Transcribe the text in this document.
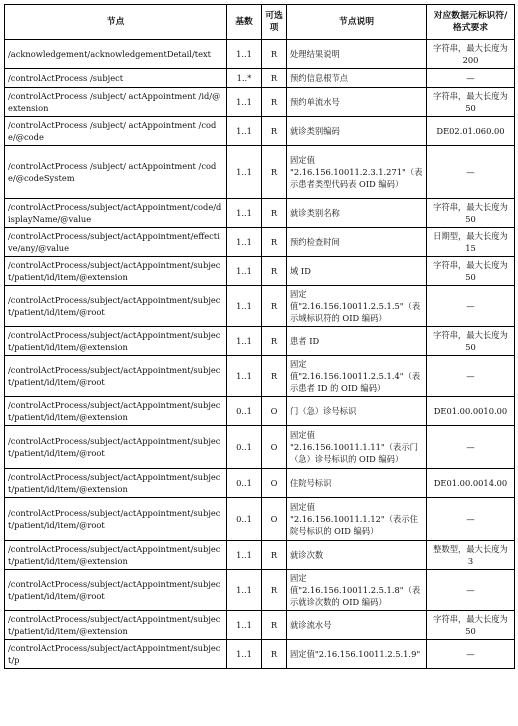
节点	基数	可选项	节点说明	对应数据元标识符/格式要求
/acknowledgement/acknowledgementDetail/text	1..1	R	处理结果说明	字符串，最大长度为 200
/controlActProcess /subject	1..*	R	预约信息根节点	—
/controlActProcess /subject/ actAppointment /id/@extension	1..1	R	预约单流水号	字符串，最大长度为 50
/controlActProcess /subject/ actAppointment /code/@code	1..1	R	就诊类别编码	DE02.01.060.00
/controlActProcess /subject/ actAppointment /code/@codeSystem	1..1	R	固定值 "2.16.156.10011.2.3.1.271"（表示患者类型代码表 OID 编码）	—
/controlActProcess/subject/actAppointment/code/displayName/@value	1..1	R	就诊类别名称	字符串，最大长度为 50
/controlActProcess/subject/actAppointment/effective/any/@value	1..1	R	预约检查时间	日期型，最大长度为 15
/controlActProcess/subject/actAppointment/subject/patient/id/item/@extension	1..1	R	域 ID	字符串，最大长度为 50
/controlActProcess/subject/actAppointment/subject/patient/id/item/@root	1..1	R	固定值"2.16.156.10011.2.5.1.5"（表示域标识符的 OID 编码）	—
/controlActProcess/subject/actAppointment/subject/patient/id/item/@extension	1..1	R	患者 ID	字符串，最大长度为 50
/controlActProcess/subject/actAppointment/subject/patient/id/item/@root	1..1	R	固定值"2.16.156.10011.2.5.1.4"（表示患者 ID 的 OID 编码）	—
/controlActProcess/subject/actAppointment/subject/patient/id/item/@extension	0..1	O	门（急）诊号标识	DE01.00.0010.00
/controlActProcess/subject/actAppointment/subject/patient/id/item/@root	0..1	O	固定值 "2.16.156.10011.1.11"（表示门（急）诊号标识的 OID 编码）	—
/controlActProcess/subject/actAppointment/subject/patient/id/item/@extension	0..1	O	住院号标识	DE01.00.0014.00
/controlActProcess/subject/actAppointment/subject/patient/id/item/@root	0..1	O	固定值 "2.16.156.10011.1.12"（表示住院号标识的 OID 编码）	—
/controlActProcess/subject/actAppointment/subject/patient/id/item/@extension	1..1	R	就诊次数	整数型，最大长度为 3
/controlActProcess/subject/actAppointment/subject/patient/id/item/@root	1..1	R	固定值"2.16.156.10011.2.5.1.8"（表示就诊次数的 OID 编码）	—
/controlActProcess/subject/actAppointment/subject/patient/id/item/@extension	1..1	R	就诊流水号	字符串，最大长度为 50
/controlActProcess/subject/actAppointment/subject/p	1..1	R	固定值"2.16.156.10011.2.5.1.9"	—
